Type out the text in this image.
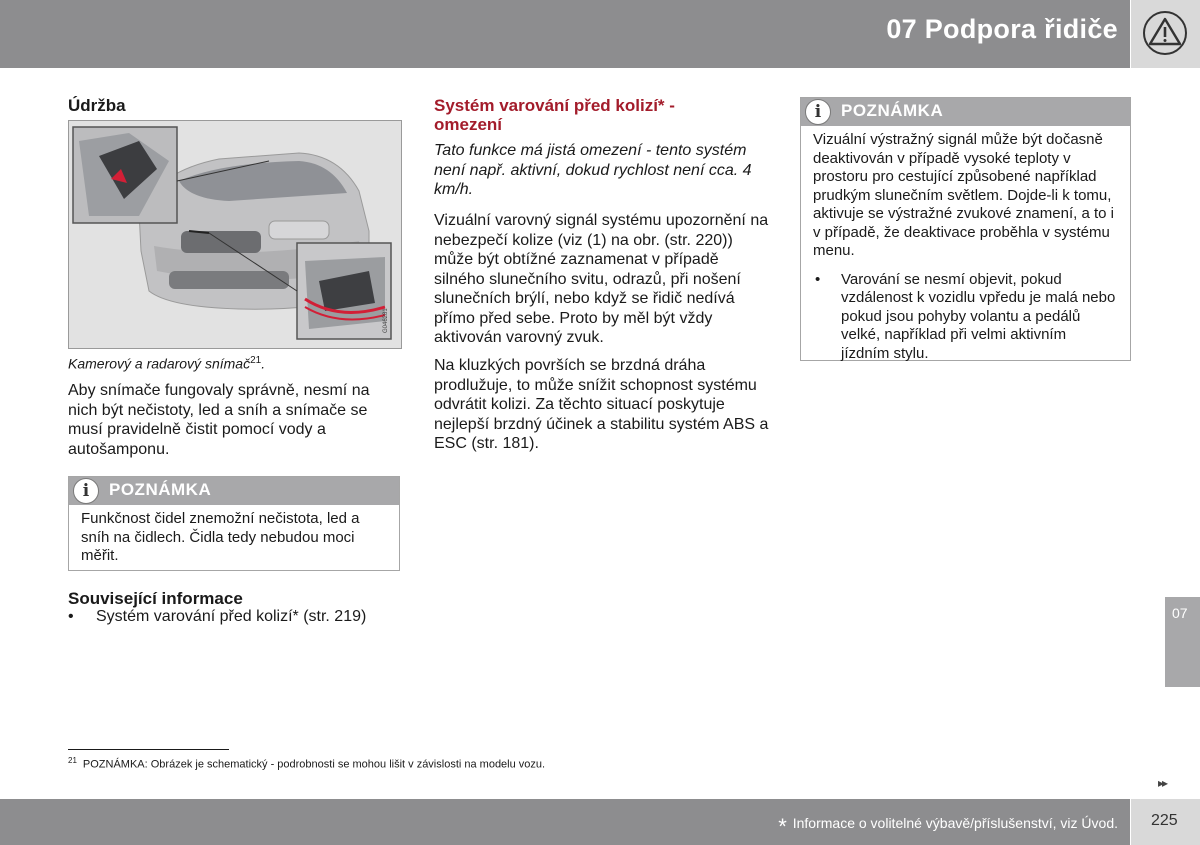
07 Podpora řidiče
Údržba
G046281
Kamerový a radarový snímač$^{21}$.
Aby snímače fungovaly správně, nesmí na nich být nečistoty, led a sníh a snímače se musí pravidelně čistit pomocí vody a autošamponu.
i	POZNÁMKA
Funkčnost čidel znemožní nečistota, led a sníh na čidlech. Čidla tedy nebudou moci měřit.
Související informace
• Systém varování před kolizí* (str. 219)
Systém varování před kolizí* - omezení
Tato funkce má jistá omezení - tento systém není např. aktivní, dokud rychlost není cca. 4 km/h.
Vizuální varovný signál systému upozornění na nebezpečí kolize (viz (1) na obr. (str. 220)) může být obtížné zaznamenat v případě silného slunečního svitu, odrazů, při nošení slunečních brýlí, nebo když se řidič nedívá přímo před sebe. Proto by měl být vždy aktivován varovný zvuk.
Na kluzkých površích se brzdná dráha prodlužuje, to může snížit schopnost systému odvrátit kolizi. Za těchto situací poskytuje nejlepší brzdný účinek a stabilitu systém ABS a ESC (str. 181).
i	POZNÁMKA
Vizuální výstražný signál může být dočasně deaktivován v případě vysoké teploty v prostoru pro cestující způsobené například prudkým slunečním světlem. Dojde-li k tomu, aktivuje se výstražné zvukové znamení, a to i v případě, že deaktivace proběhla v systému menu.
•	Varování se nesmí objevit, pokud vzdálenost k vozidlu vpředu je malá nebo pokud jsou pohyby volantu a pedálů velké, například při velmi aktivním jízdním stylu.
07
$^{21}$ POZNÁMKA: Obrázek je schematický - podrobnosti se mohou lišit v závislosti na modelu vozu.
▸▸
* Informace o volitelné výbavě/příslušenství, viz Úvod. 225
